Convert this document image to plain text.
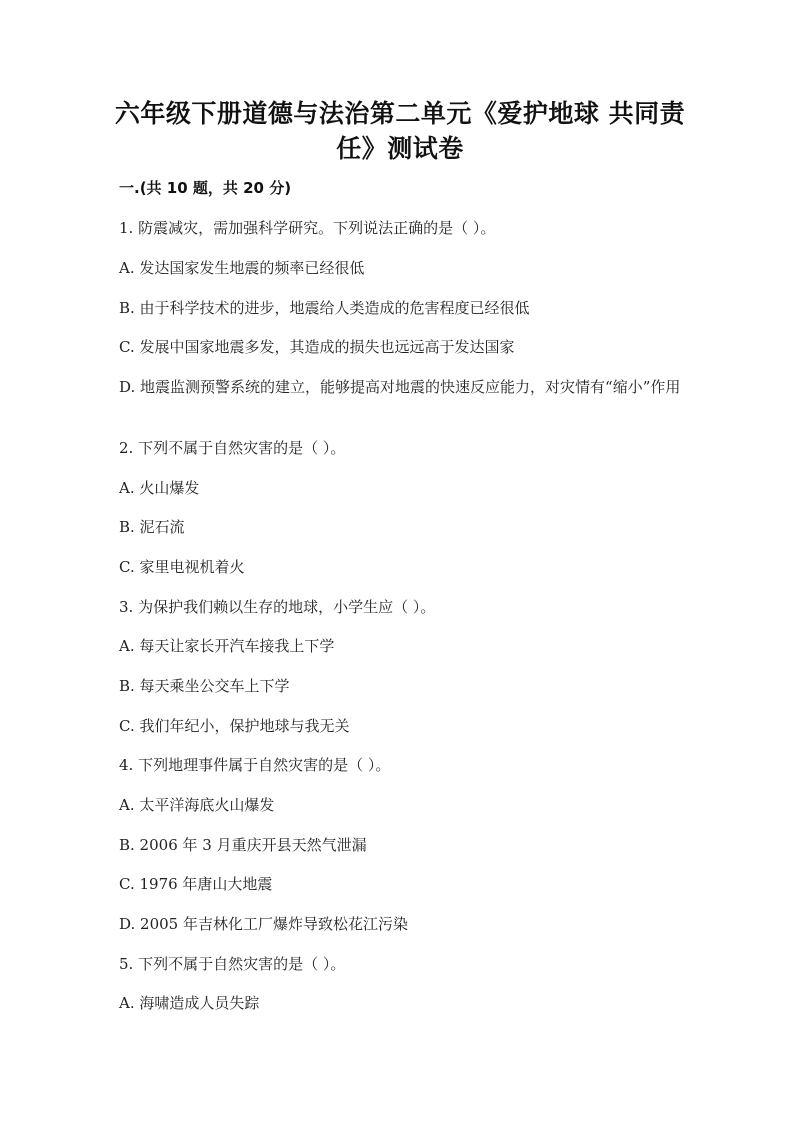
六年级下册道德与法治第二单元《爱护地球 共同责任》测试卷
一.(共 10 题，共 20 分)
1. 防震减灾，需加强科学研究。下列说法正确的是（ ）。
A. 发达国家发生地震的频率已经很低
B. 由于科学技术的进步，地震给人类造成的危害程度已经很低
C. 发展中国家地震多发，其造成的损失也远远高于发达国家
D. 地震监测预警系统的建立，能够提高对地震的快速反应能力，对灾情有“缩小”作用
2. 下列不属于自然灾害的是（ ）。
A. 火山爆发
B. 泥石流
C. 家里电视机着火
3. 为保护我们赖以生存的地球，小学生应（ ）。
A. 每天让家长开汽车接我上下学
B. 每天乘坐公交车上下学
C. 我们年纪小，保护地球与我无关
4. 下列地理事件属于自然灾害的是（ ）。
A. 太平洋海底火山爆发
B. 2006 年 3 月重庆开县天然气泄漏
C. 1976 年唐山大地震
D. 2005 年吉林化工厂爆炸导致松花江污染
5. 下列不属于自然灾害的是（ ）。
A. 海啸造成人员失踪
